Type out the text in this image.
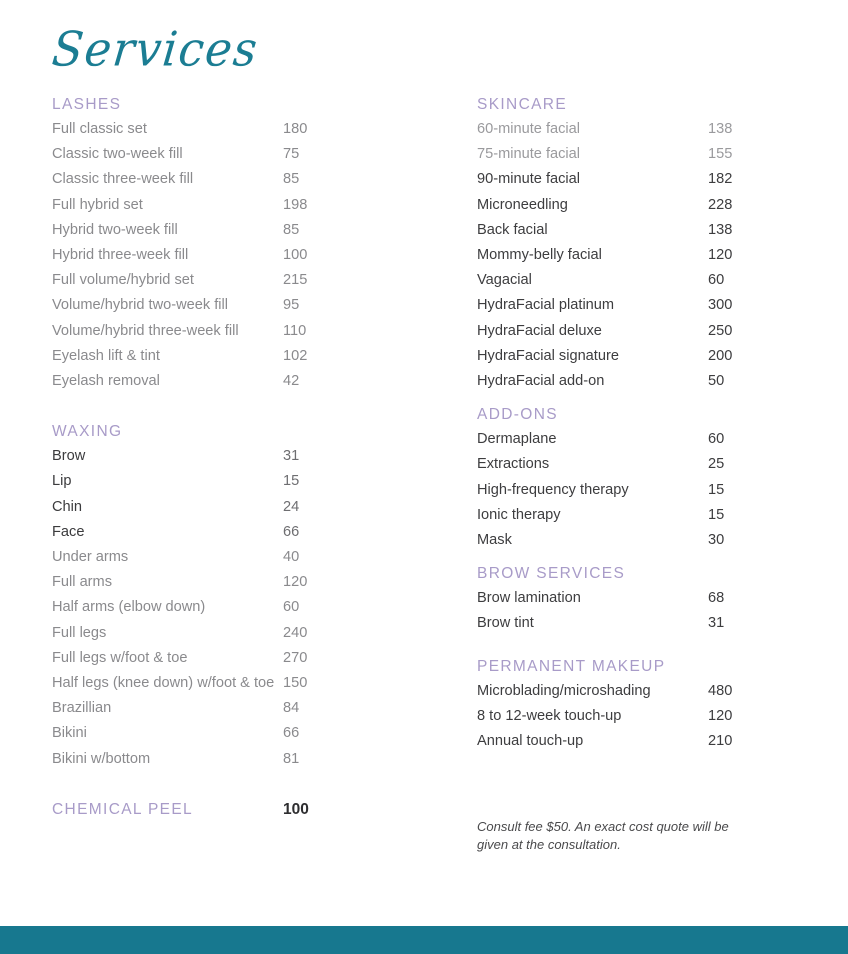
Services
LASHES
Full classic set	180
Classic two-week fill	75
Classic three-week fill	85
Full hybrid set	198
Hybrid two-week fill	85
Hybrid three-week fill	100
Full volume/hybrid set	215
Volume/hybrid two-week fill	95
Volume/hybrid three-week fill	110
Eyelash lift & tint	102
Eyelash removal	42
WAXING
Brow	31
Lip	15
Chin	24
Face	66
Under arms	40
Full arms	120
Half arms (elbow down)	60
Full legs	240
Full legs w/foot & toe	270
Half legs (knee down) w/foot & toe 150
Brazillian	84
Bikini	66
Bikini w/bottom	81
CHEMICAL PEEL	100
SKINCARE
60-minute facial	138
75-minute facial	155
90-minute facial	182
Microneedling	228
Back facial	138
Mommy-belly facial	120
Vagacial	60
HydraFacial platinum	300
HydraFacial deluxe	250
HydraFacial signature	200
HydraFacial add-on	50
ADD-ONS
Dermaplane	60
Extractions	25
High-frequency therapy	15
Ionic therapy	15
Mask	30
BROW SERVICES
Brow lamination	68
Brow tint	31
PERMANENT MAKEUP
Microblading/microshading	480
8 to 12-week touch-up	120
Annual touch-up	210
Consult fee $50. An exact cost quote will be given at the consultation.
